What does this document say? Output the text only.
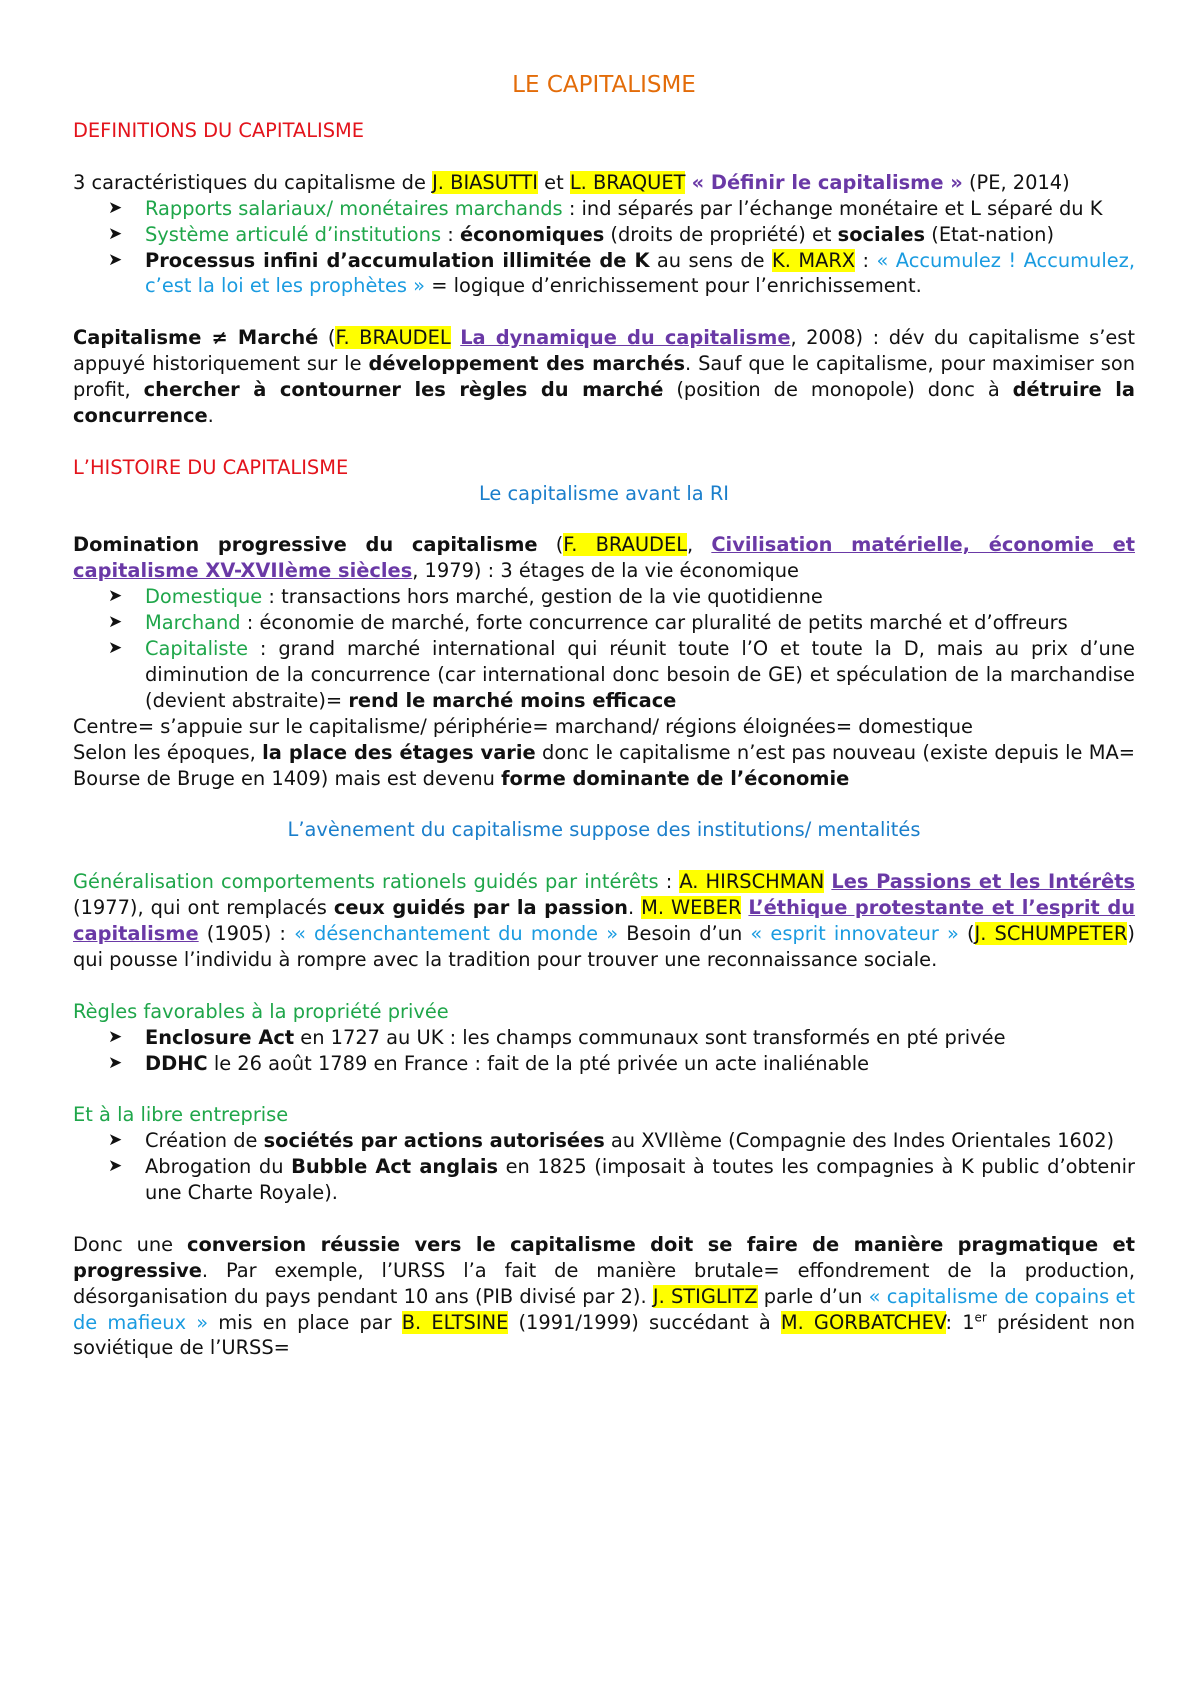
LE CAPITALISME

DEFINITIONS DU CAPITALISME

3 caractéristiques du capitalisme de J. BIASUTTI et L. BRAQUET « Définir le capitalisme » (PE, 2014)

➤ Rapports salariaux/ monétaires marchands : ind séparés par l’échange monétaire et L séparé du K
➤ Système articulé d’institutions : économiques (droits de propriété) et sociales (Etat-nation)
➤ Processus infini d’accumulation illimitée de K au sens de K. MARX : « Accumulez ! Accumulez, c’est la loi et les prophètes » = logique d’enrichissement pour l’enrichissement.

Capitalisme ≠ Marché (F. BRAUDEL La dynamique du capitalisme, 2008) : dév du capitalisme s’est appuyé historiquement sur le développement des marchés. Sauf que le capitalisme, pour maximiser son profit, chercher à contourner les règles du marché (position de monopole) donc à détruire la concurrence.

L’HISTOIRE DU CAPITALISME

Le capitalisme avant la RI

Domination progressive du capitalisme (F. BRAUDEL, Civilisation matérielle, économie et capitalisme XV-XVIIème siècles, 1979) : 3 étages de la vie économique

➤ Domestique : transactions hors marché, gestion de la vie quotidienne
➤ Marchand : économie de marché, forte concurrence car pluralité de petits marché et d’offreurs
➤ Capitaliste : grand marché international qui réunit toute l’O et toute la D, mais au prix d’une diminution de la concurrence (car international donc besoin de GE) et spéculation de la marchandise (devient abstraite)= rend le marché moins efficace

Centre= s’appuie sur le capitalisme/ périphérie= marchand/ régions éloignées= domestique

Selon les époques, la place des étages varie donc le capitalisme n’est pas nouveau (existe depuis le MA= Bourse de Bruge en 1409) mais est devenu forme dominante de l’économie

L’avènement du capitalisme suppose des institutions/ mentalités

Généralisation comportements rationels guidés par intérêts : A. HIRSCHMAN Les Passions et les Intérêts (1977), qui ont remplacés ceux guidés par la passion. M. WEBER L’éthique protestante et l’esprit du capitalisme (1905) : « désenchantement du monde » Besoin d’un « esprit innovateur » (J. SCHUMPETER) qui pousse l’individu à rompre avec la tradition pour trouver une reconnaissance sociale.

Règles favorables à la propriété privée

➤ Enclosure Act en 1727 au UK : les champs communaux sont transformés en pté privée
➤ DDHC le 26 août 1789 en France : fait de la pté privée un acte inaliénable

Et à la libre entreprise

➤ Création de sociétés par actions autorisées au XVIIème (Compagnie des Indes Orientales 1602)
➤ Abrogation du Bubble Act anglais en 1825 (imposait à toutes les compagnies à K public d’obtenir une Charte Royale).

Donc une conversion réussie vers le capitalisme doit se faire de manière pragmatique et progressive. Par exemple, l’URSS l’a fait de manière brutale= effondrement de la production, désorganisation du pays pendant 10 ans (PIB divisé par 2). J. STIGLITZ parle d’un « capitalisme de copains et de mafieux » mis en place par B. ELTSINE (1991/1999) succédant à M. GORBATCHEV: 1er président non soviétique de l’URSS=
